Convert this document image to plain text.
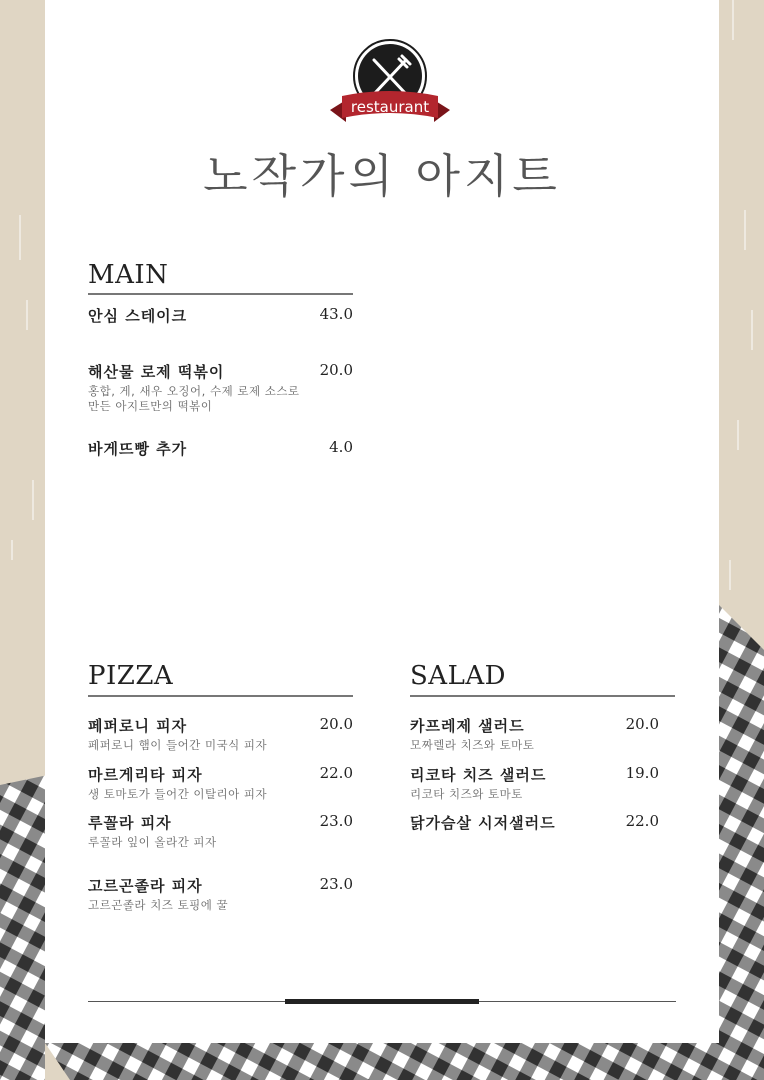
restaurant
노작가의 아지트
MAIN
안심 스테이크	43.0
해산물 로제 떡볶이	20.0
홍합, 게, 새우 오징어, 수제 로제 소스로
만든 아지트만의 떡볶이
바게뜨빵 추가	4.0
PIZZA
페퍼로니 피자	20.0
페퍼로니 햄이 들어간 미국식 피자
마르게리타 피자	22.0
생 토마토가 들어간 이탈리아 피자
루꼴라 피자	23.0
루꼴라 잎이 올라간 피자
고르곤졸라 피자	23.0
고르곤졸라 치즈 토핑에 꿀
SALAD
카프레제 샐러드	20.0
모짜렐라 치즈와 토마토
리코타 치즈 샐러드	19.0
리코타 치즈와 토마토
닭가슴살 시저샐러드	22.0
